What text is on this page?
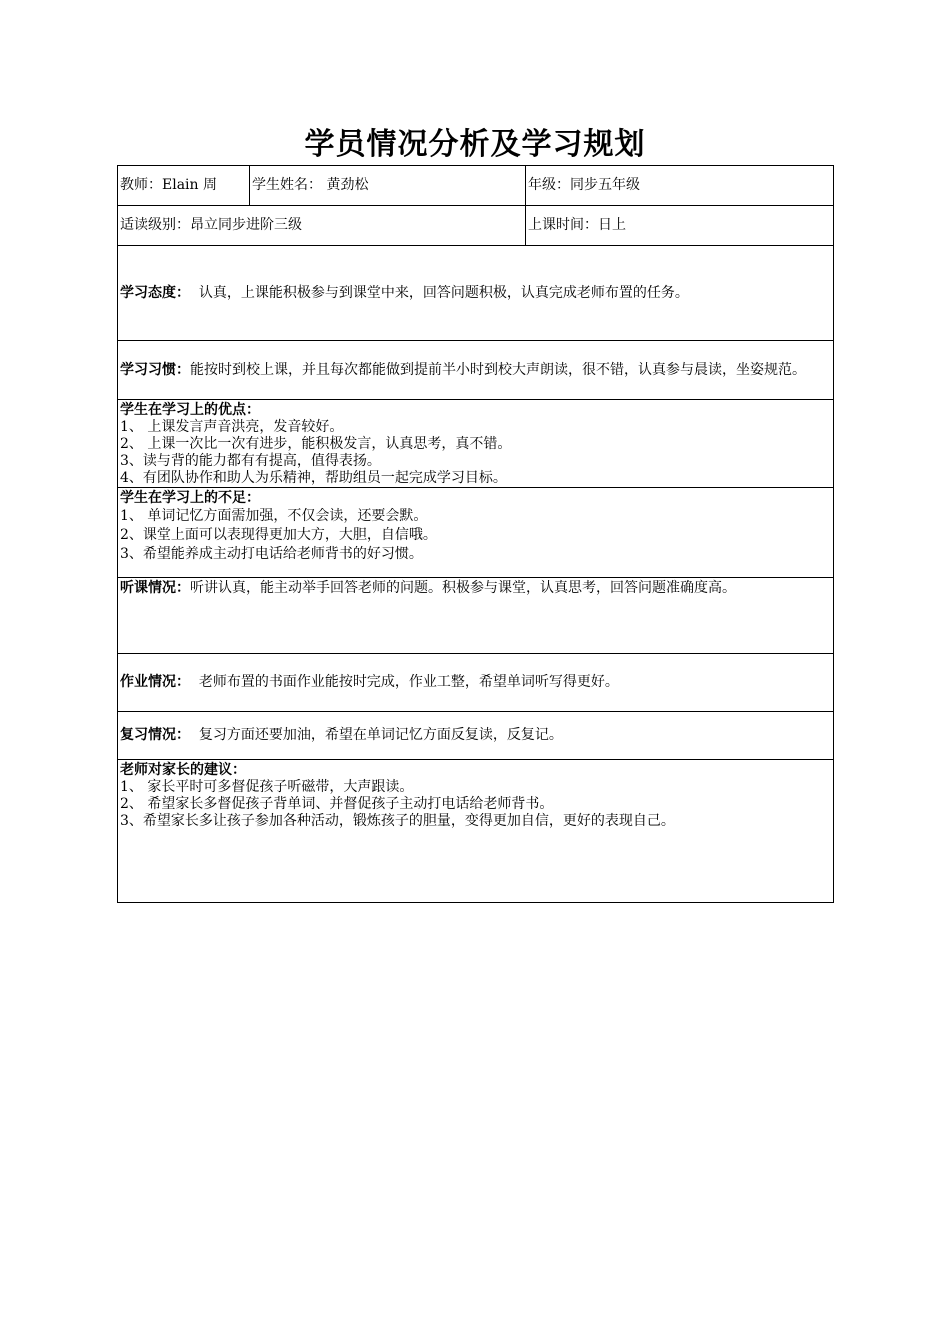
学员情况分析及学习规划
教师：Elain 周	学生姓名： 黄劲松	年级：同步五年级
适读级别：昂立同步进阶三级		上课时间：日上
学习态度：  认真，上课能积极参与到课堂中来，回答问题积极，认真完成老师布置的任务。		

学习习惯：能按时到校上课，并且每次都能做到提前半小时到校大声朗读，很不错，认真参与晨读，坐姿规范。		

学生在学习上的优点：
1、 上课发言声音洪亮，发音较好。
2、 上课一次比一次有进步，能积极发言，认真思考，真不错。
3、读与背的能力都有有提高，值得表扬。
4、有团队协作和助人为乐精神，帮助组员一起完成学习目标。		

学生在学习上的不足：
1、 单词记忆方面需加强，不仅会读，还要会默。
2、课堂上面可以表现得更加大方，大胆，自信哦。
3、希望能养成主动打电话给老师背书的好习惯。		

听课情况：听讲认真，能主动举手回答老师的问题。积极参与课堂，认真思考，回答问题准确度高。		
作业情况：  老师布置的书面作业能按时完成，作业工整，希望单词听写得更好。		
复习情况：  复习方面还要加油，希望在单词记忆方面反复读，反复记。		

老师对家长的建议：
1、 家长平时可多督促孩子听磁带，大声跟读。
2、 希望家长多督促孩子背单词、并督促孩子主动打电话给老师背书。
3、希望家长多让孩子参加各种活动，锻炼孩子的胆量，变得更加自信，更好的表现自己。		
